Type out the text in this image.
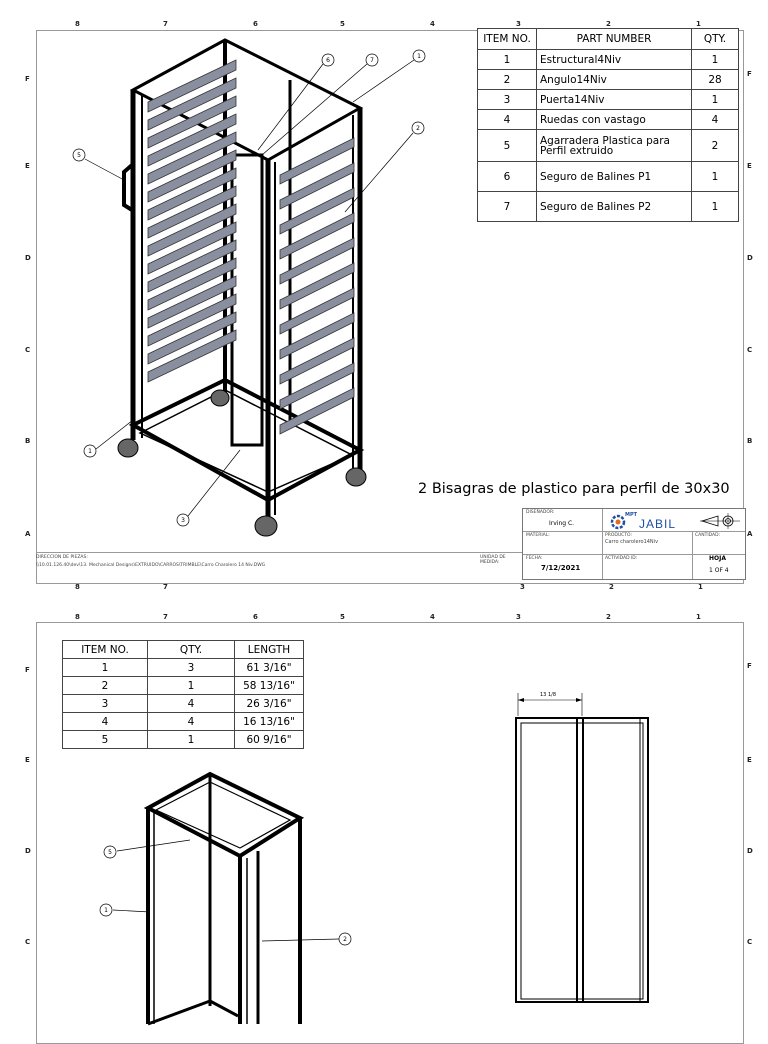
8	7	6	5	4	3	2	1
8	7	3	2	1
F
E
D
C
B
A
F
E
D
C
B
A
6	7
1
2
5
1
3
ITEM NO.	PART NUMBER	QTY.
1	Estructural4Niv	1
2	Angulo14Niv	28
3	Puerta14Niv	1
4	Ruedas con vastago	4
5	Agarradera Plastica para Perfil extruido	2
6	Seguro de Balines P1	1
7	Seguro de Balines P2	1
2 Bisagras de plastico para perfil de 30x30
DISEÑADOR:
Irving C.
MATERIAL:	PRODUCTO:
Carro charolero14Niv
CANTIDAD:
FECHA:
7/12/2021
ACTIVIDAD ID:	HOJA
1 OF 4
MPT
JABIL
DIRECCION DE PIEZAS:
\\10.01.126.40\dev\13. Mechanical Designs\EXTRUIDO\CARROS\TRIMBLE\Carro Charolero 14 Niv.DWG
UNIDAD DE MEDIDA:
8	7	6	5	4	3	2	1
F
E
D
C
F
E
D
C
ITEM NO.	QTY.	LENGTH
1	3	61 3/16"
2	1	58 13/16"
3	4	26 3/16"
4	4	16 13/16"
5	1	60 9/16"
5
1
2
13 1/8
